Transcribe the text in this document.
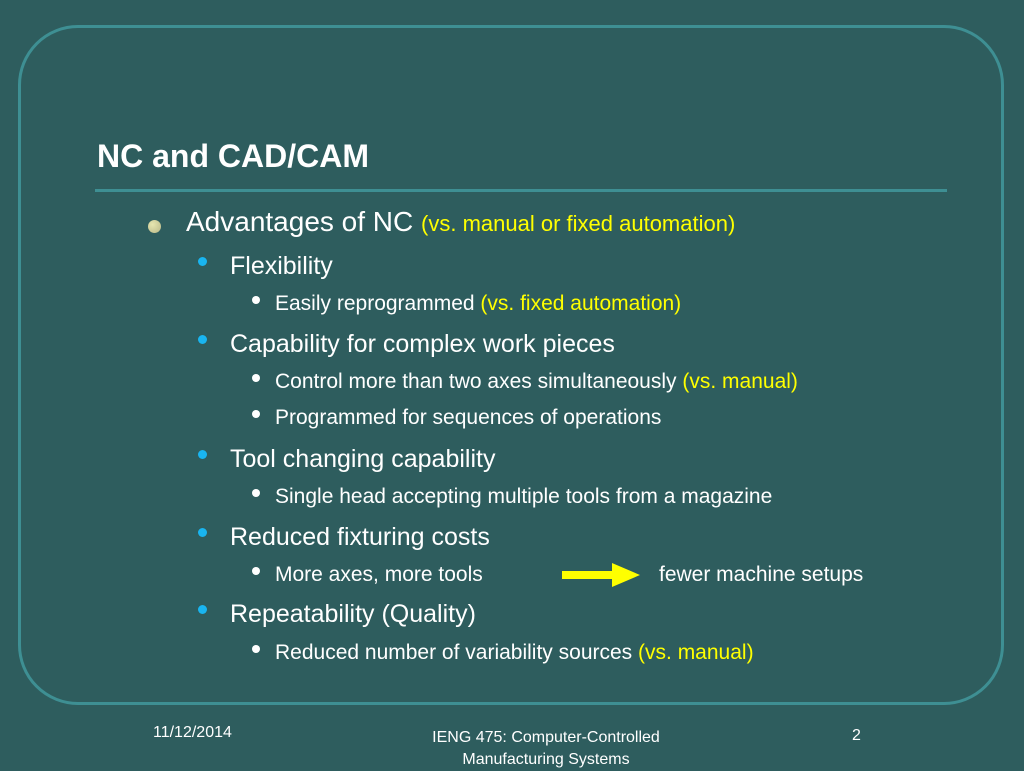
NC and CAD/CAM
Advantages of NC (vs. manual or fixed automation)
Flexibility
Easily reprogrammed (vs. fixed automation)
Capability for complex work pieces
Control more than two axes simultaneously (vs. manual)
Programmed for sequences of operations
Tool changing capability
Single head accepting multiple tools from a magazine
Reduced fixturing costs
More axes, more tools	fewer machine setups
Repeatability (Quality)
Reduced number of variability sources (vs. manual)
11/12/2014	IENG 475: Computer-Controlled
Manufacturing Systems
2
